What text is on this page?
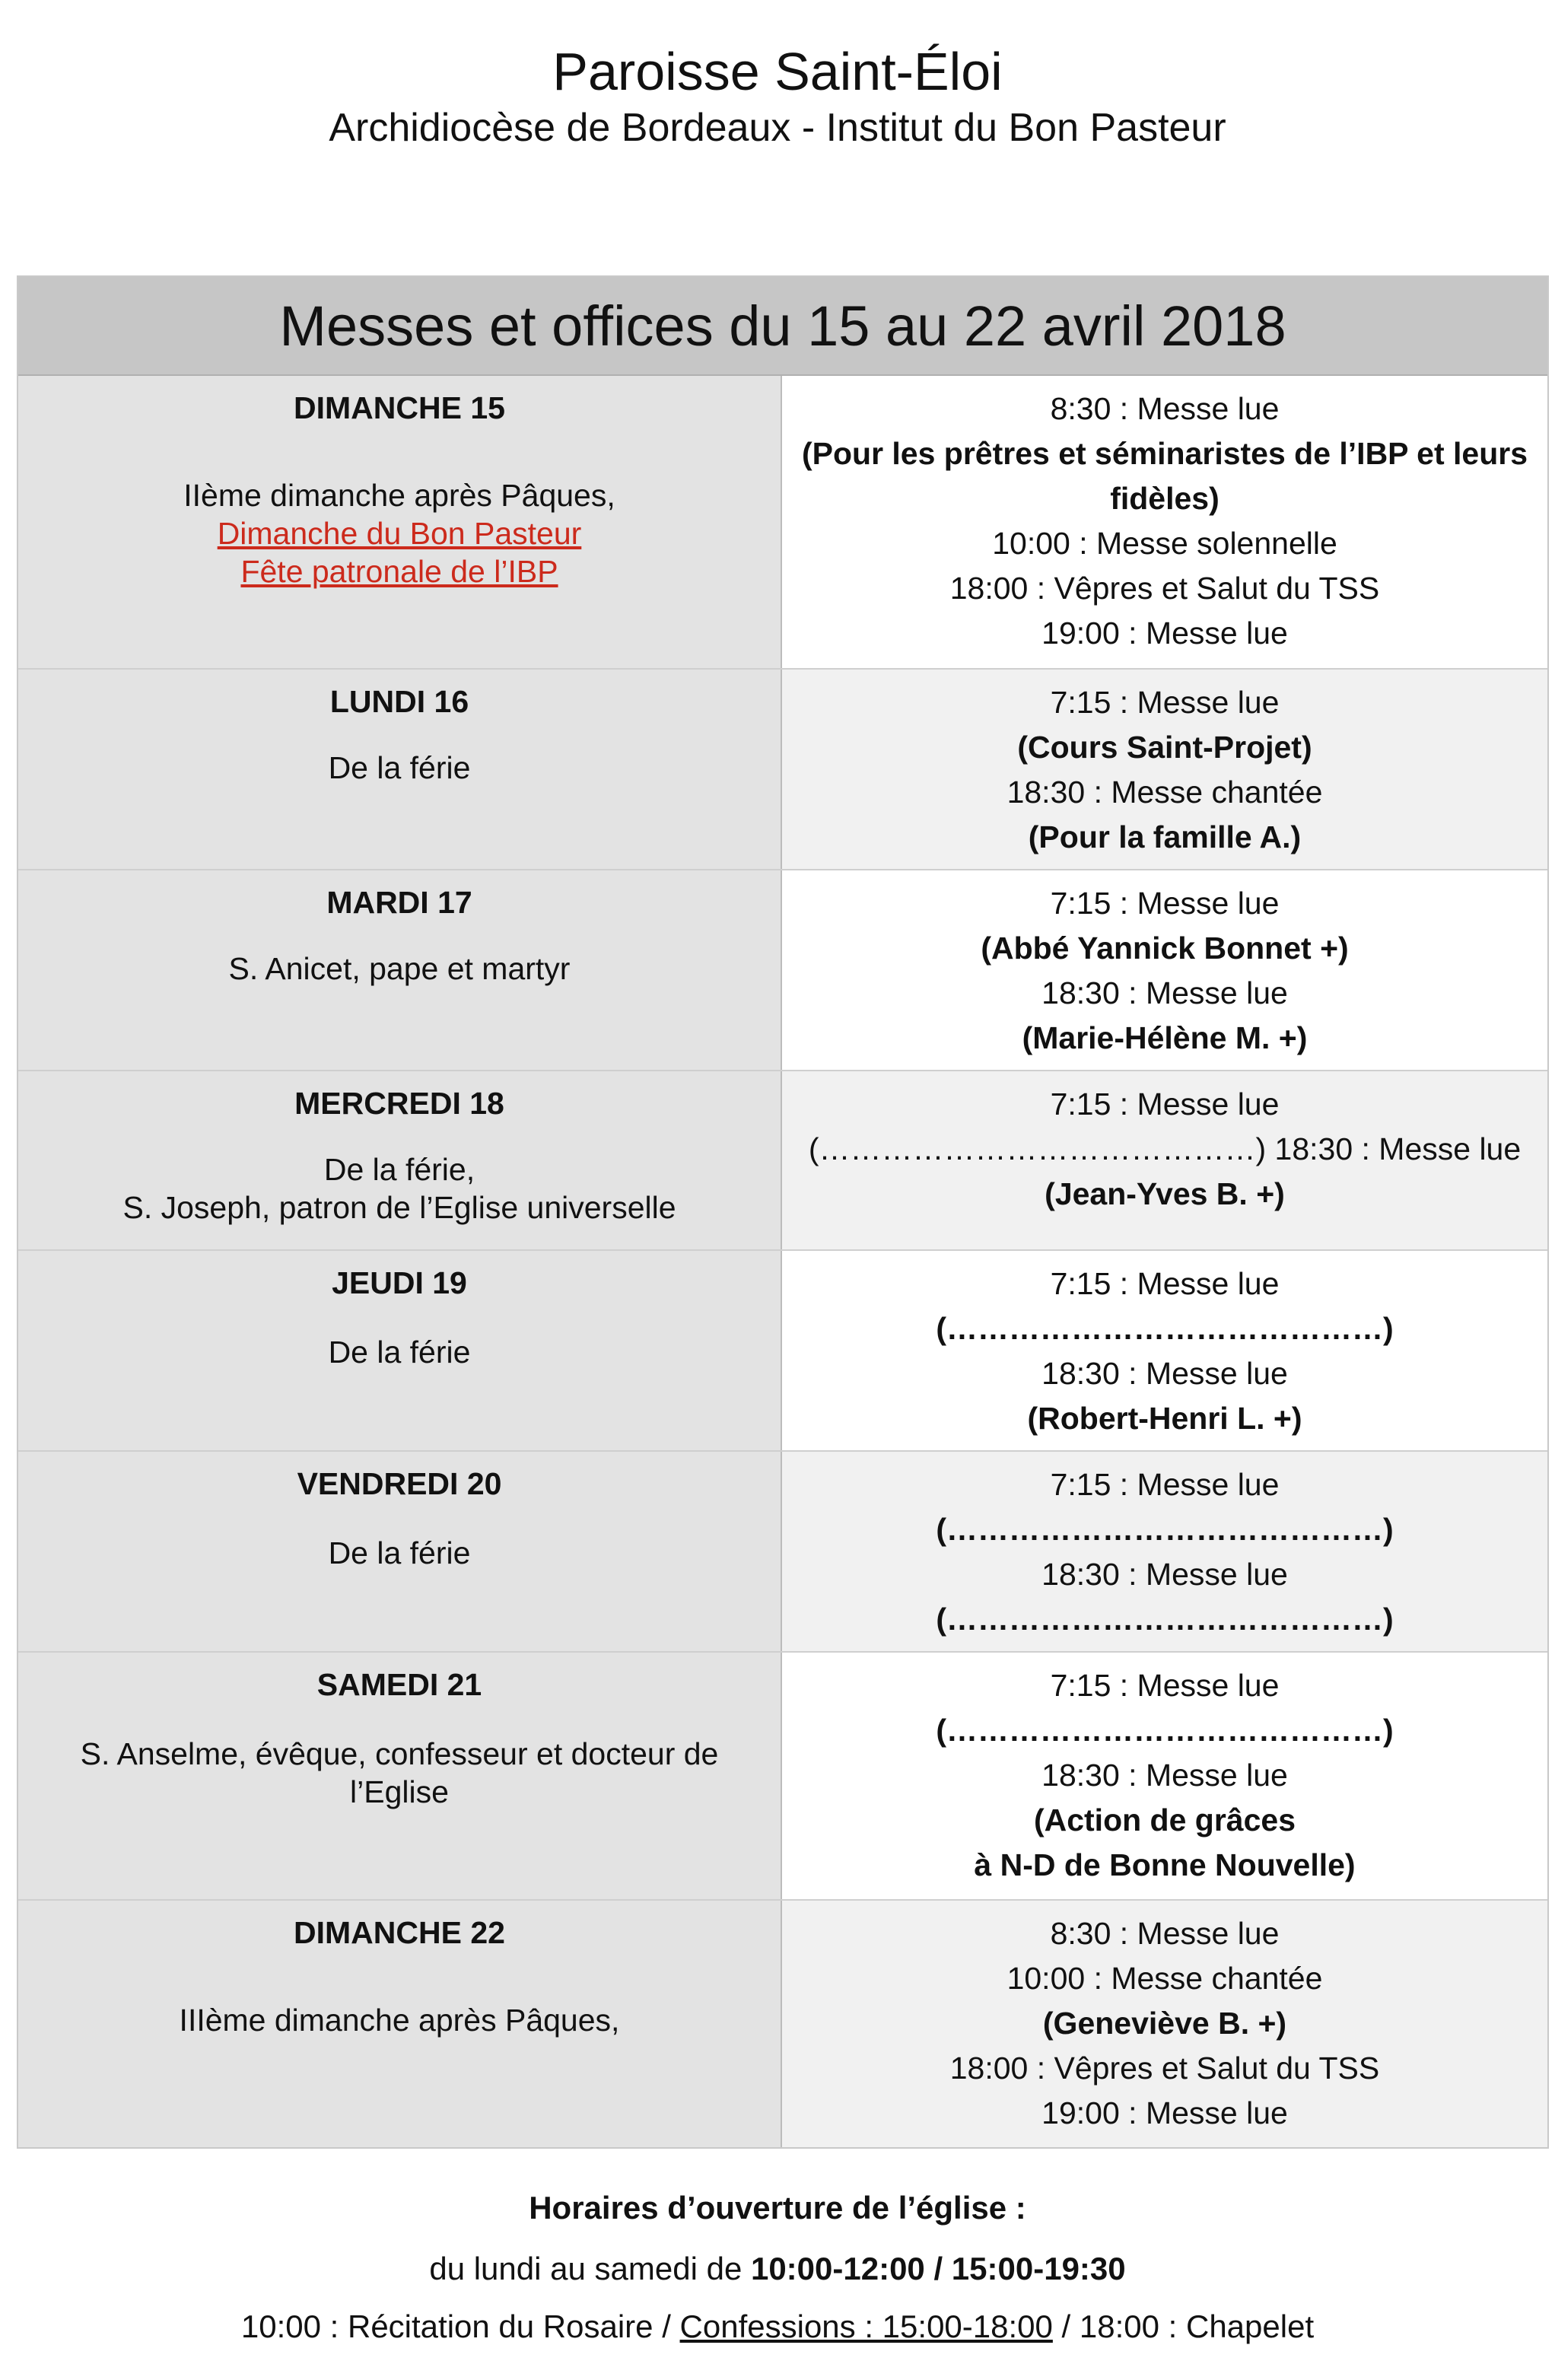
Paroisse Saint-Éloi
Archidiocèse de Bordeaux - Institut du Bon Pasteur
Messes et offices du 15 au 22 avril 2018
DIMANCHE 15
IIème dimanche après Pâques,
Dimanche du Bon Pasteur
Fête patronale de l’IBP
8:30 : Messe lue
(Pour les prêtres et séminaristes de l’IBP et leurs fidèles)
10:00 : Messe solennelle
18:00 : Vêpres et Salut du TSS
19:00 : Messe lue
LUNDI 16
De la férie
7:15 : Messe lue
(Cours Saint-Projet)
18:30 : Messe chantée
(Pour la famille A.)
MARDI 17
S. Anicet, pape et martyr
7:15 : Messe lue
(Abbé Yannick Bonnet +)
18:30 : Messe lue
(Marie-Hélène M. +)
MERCREDI 18
De la férie,
S. Joseph, patron de l’Eglise universelle
7:15 : Messe lue
(……………………………………) 18:30 : Messe lue
(Jean-Yves B. +)
JEUDI 19
De la férie
7:15 : Messe lue
(……………………………………)
18:30 : Messe lue
(Robert-Henri L. +)
VENDREDI 20
De la férie
7:15 : Messe lue
(……………………………………)
18:30 : Messe lue
(……………………………………)
SAMEDI 21
S. Anselme, évêque, confesseur et docteur de
l’Eglise
7:15 : Messe lue
(……………………………………)
18:30 : Messe lue
(Action de grâces
à N-D de Bonne Nouvelle)
DIMANCHE 22
IIIème dimanche après Pâques,
8:30 : Messe lue
10:00 : Messe chantée
(Geneviève B. +)
18:00 : Vêpres et Salut du TSS
19:00 : Messe lue
Horaires d’ouverture de l’église :
du lundi au samedi de 10:00-12:00 / 15:00-19:30
10:00 : Récitation du Rosaire / Confessions : 15:00-18:00 / 18:00 : Chapelet
